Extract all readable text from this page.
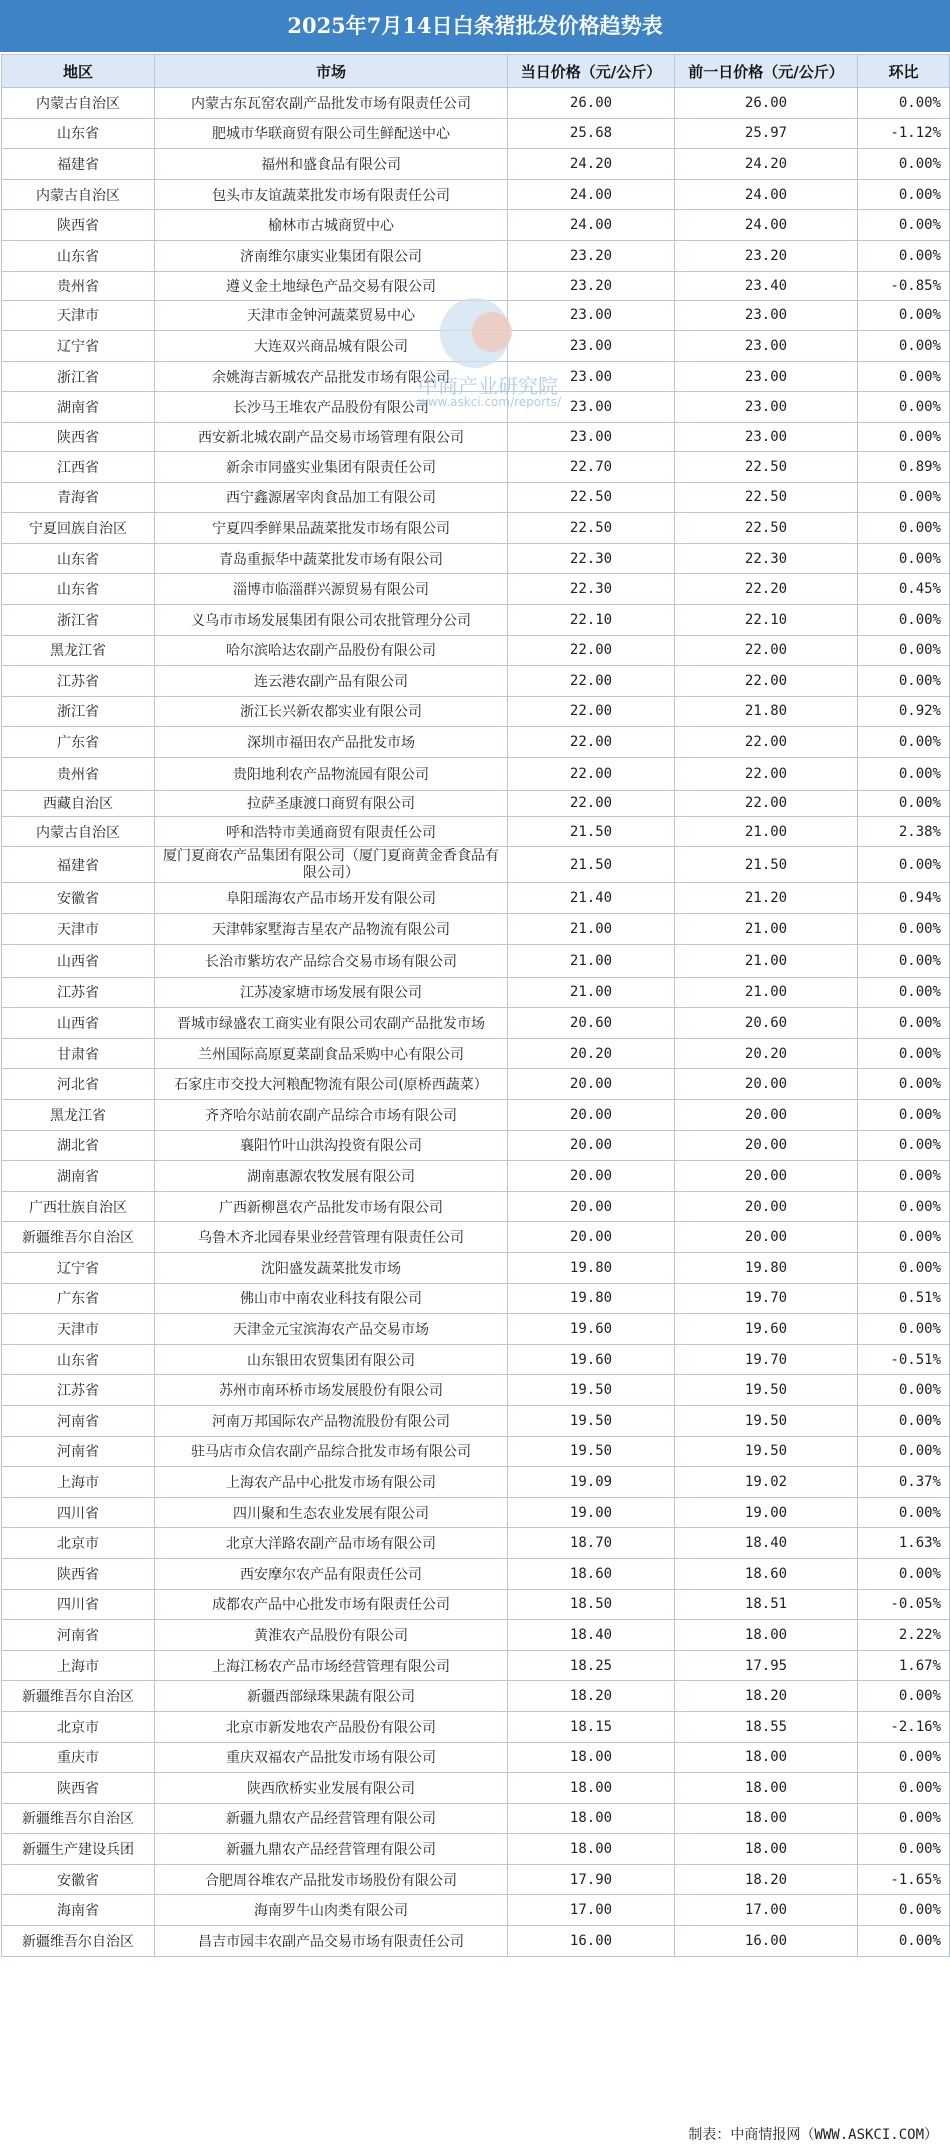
2025年7月14日白条猪批发价格趋势表
地区	市场	当日价格（元/公斤）	前一日价格（元/公斤）	环比
内蒙古自治区	内蒙古东瓦窑农副产品批发市场有限责任公司	26.00	26.00	0.00%
山东省	肥城市华联商贸有限公司生鲜配送中心	25.68	25.97	-1.12%
福建省	福州和盛食品有限公司	24.20	24.20	0.00%
内蒙古自治区	包头市友谊蔬菜批发市场有限责任公司	24.00	24.00	0.00%
陕西省	榆林市古城商贸中心	24.00	24.00	0.00%
山东省	济南维尔康实业集团有限公司	23.20	23.20	0.00%
贵州省	遵义金土地绿色产品交易有限公司	23.20	23.40	-0.85%
天津市	天津市金钟河蔬菜贸易中心	23.00	23.00	0.00%
辽宁省	大连双兴商品城有限公司	23.00	23.00	0.00%
浙江省	余姚海吉新城农产品批发市场有限公司	23.00	23.00	0.00%
湖南省	长沙马王堆农产品股份有限公司	23.00	23.00	0.00%
陕西省	西安新北城农副产品交易市场管理有限公司	23.00	23.00	0.00%
江西省	新余市同盛实业集团有限责任公司	22.70	22.50	0.89%
青海省	西宁鑫源屠宰肉食品加工有限公司	22.50	22.50	0.00%
宁夏回族自治区	宁夏四季鲜果品蔬菜批发市场有限公司	22.50	22.50	0.00%
山东省	青岛重振华中蔬菜批发市场有限公司	22.30	22.30	0.00%
山东省	淄博市临淄群兴源贸易有限公司	22.30	22.20	0.45%
浙江省	义乌市市场发展集团有限公司农批管理分公司	22.10	22.10	0.00%
黑龙江省	哈尔滨哈达农副产品股份有限公司	22.00	22.00	0.00%
江苏省	连云港农副产品有限公司	22.00	22.00	0.00%
浙江省	浙江长兴新农都实业有限公司	22.00	21.80	0.92%
广东省	深圳市福田农产品批发市场	22.00	22.00	0.00%
贵州省	贵阳地利农产品物流园有限公司	22.00	22.00	0.00%
西藏自治区	拉萨圣康渡口商贸有限公司	22.00	22.00	0.00%
内蒙古自治区	呼和浩特市美通商贸有限责任公司	21.50	21.00	2.38%
福建省	厦门夏商农产品集团有限公司（厦门夏商黄金香食品有限公司）	21.50	21.50	0.00%
安徽省	阜阳瑶海农产品市场开发有限公司	21.40	21.20	0.94%
天津市	天津韩家墅海吉星农产品物流有限公司	21.00	21.00	0.00%
山西省	长治市紫坊农产品综合交易市场有限公司	21.00	21.00	0.00%
江苏省	江苏凌家塘市场发展有限公司	21.00	21.00	0.00%
山西省	晋城市绿盛农工商实业有限公司农副产品批发市场	20.60	20.60	0.00%
甘肃省	兰州国际高原夏菜副食品采购中心有限公司	20.20	20.20	0.00%
河北省	石家庄市交投大河粮配物流有限公司(原桥西蔬菜）	20.00	20.00	0.00%
黑龙江省	齐齐哈尔站前农副产品综合市场有限公司	20.00	20.00	0.00%
湖北省	襄阳竹叶山洪沟投资有限公司	20.00	20.00	0.00%
湖南省	湖南惠源农牧发展有限公司	20.00	20.00	0.00%
广西壮族自治区	广西新柳邕农产品批发市场有限公司	20.00	20.00	0.00%
新疆维吾尔自治区	乌鲁木齐北园春果业经营管理有限责任公司	20.00	20.00	0.00%
辽宁省	沈阳盛发蔬菜批发市场	19.80	19.80	0.00%
广东省	佛山市中南农业科技有限公司	19.80	19.70	0.51%
天津市	天津金元宝滨海农产品交易市场	19.60	19.60	0.00%
山东省	山东银田农贸集团有限公司	19.60	19.70	-0.51%
江苏省	苏州市南环桥市场发展股份有限公司	19.50	19.50	0.00%
河南省	河南万邦国际农产品物流股份有限公司	19.50	19.50	0.00%
河南省	驻马店市众信农副产品综合批发市场有限公司	19.50	19.50	0.00%
上海市	上海农产品中心批发市场有限公司	19.09	19.02	0.37%
四川省	四川聚和生态农业发展有限公司	19.00	19.00	0.00%
北京市	北京大洋路农副产品市场有限公司	18.70	18.40	1.63%
陕西省	西安摩尔农产品有限责任公司	18.60	18.60	0.00%
四川省	成都农产品中心批发市场有限责任公司	18.50	18.51	-0.05%
河南省	黄淮农产品股份有限公司	18.40	18.00	2.22%
上海市	上海江杨农产品市场经营管理有限公司	18.25	17.95	1.67%
新疆维吾尔自治区	新疆西部绿珠果蔬有限公司	18.20	18.20	0.00%
北京市	北京市新发地农产品股份有限公司	18.15	18.55	-2.16%
重庆市	重庆双福农产品批发市场有限公司	18.00	18.00	0.00%
陕西省	陕西欣桥实业发展有限公司	18.00	18.00	0.00%
新疆维吾尔自治区	新疆九鼎农产品经营管理有限公司	18.00	18.00	0.00%
新疆生产建设兵团	新疆九鼎农产品经营管理有限公司	18.00	18.00	0.00%
安徽省	合肥周谷堆农产品批发市场股份有限公司	17.90	18.20	-1.65%
海南省	海南罗牛山肉类有限公司	17.00	17.00	0.00%
新疆维吾尔自治区	昌吉市园丰农副产品交易市场有限责任公司	16.00	16.00	0.00%
中商产业研究院
www.askci.com/reports/
制表：中商情报网（WWW.ASKCI.COM）
